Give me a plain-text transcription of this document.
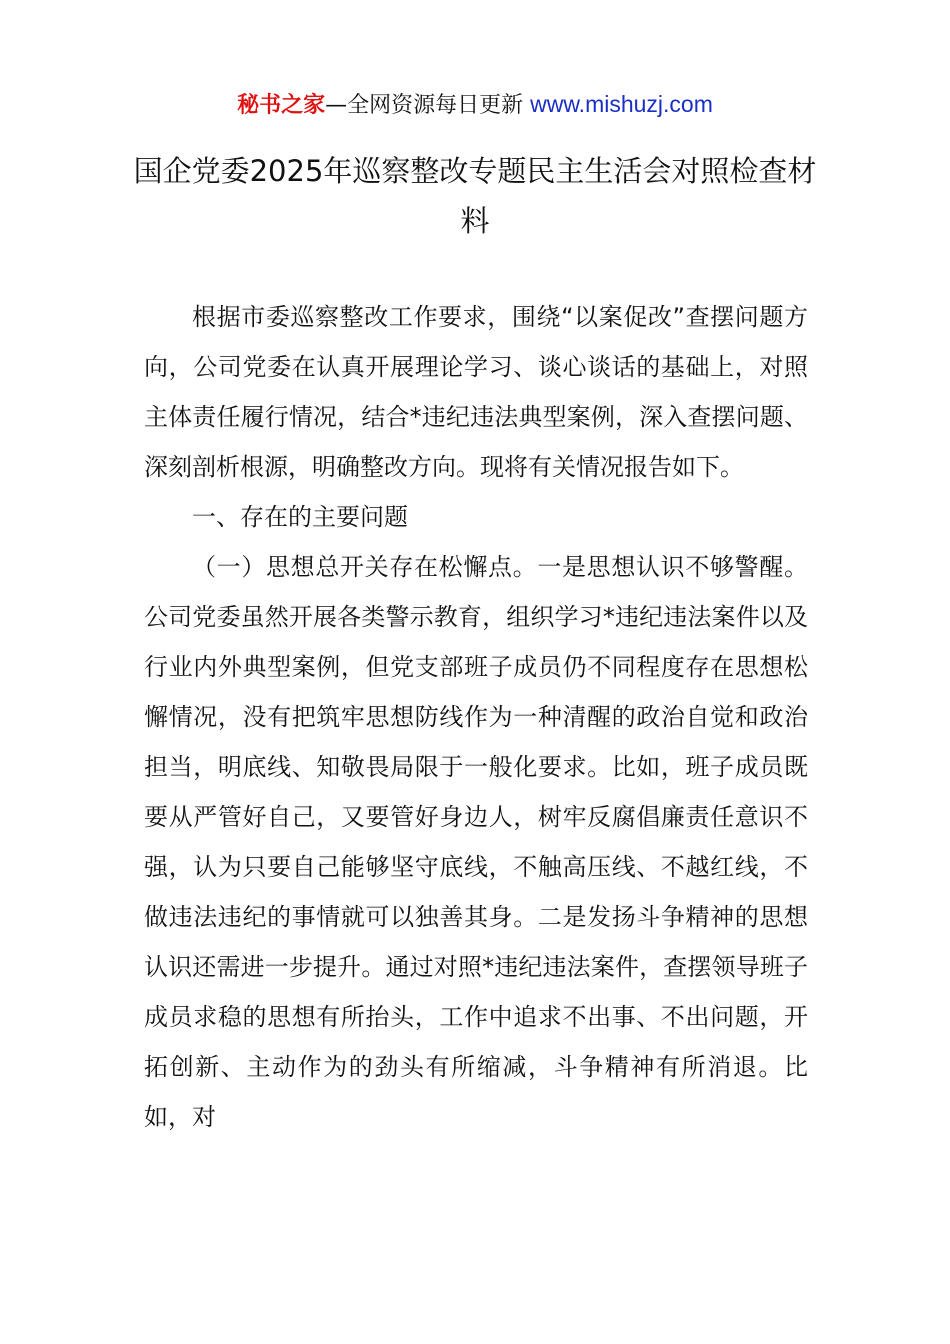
秘书之家—全网资源每日更新 www.mishuzj.com
国企党委2025年巡察整改专题民主生活会对照检查材料

根据市委巡察整改工作要求，围绕“以案促改”查摆问题方向，公司党委在认真开展理论学习、谈心谈话的基础上，对照主体责任履行情况，结合*违纪违法典型案例，深入查摆问题、深刻剖析根源，明确整改方向。现将有关情况报告如下。

一、存在的主要问题

（一）思想总开关存在松懈点。一是思想认识不够警醒。公司党委虽然开展各类警示教育，组织学习*违纪违法案件以及行业内外典型案例，但党支部班子成员仍不同程度存在思想松懈情况，没有把筑牢思想防线作为一种清醒的政治自觉和政治担当，明底线、知敬畏局限于一般化要求。比如，班子成员既要从严管好自己，又要管好身边人，树牢反腐倡廉责任意识不强，认为只要自己能够坚守底线，不触高压线、不越红线，不做违法违纪的事情就可以独善其身。二是发扬斗争精神的思想认识还需进一步提升。通过对照*违纪违法案件，查摆领导班子成员求稳的思想有所抬头，工作中追求不出事、不出问题，开拓创新、主动作为的劲头有所缩减，斗争精神有所消退。比如，对
